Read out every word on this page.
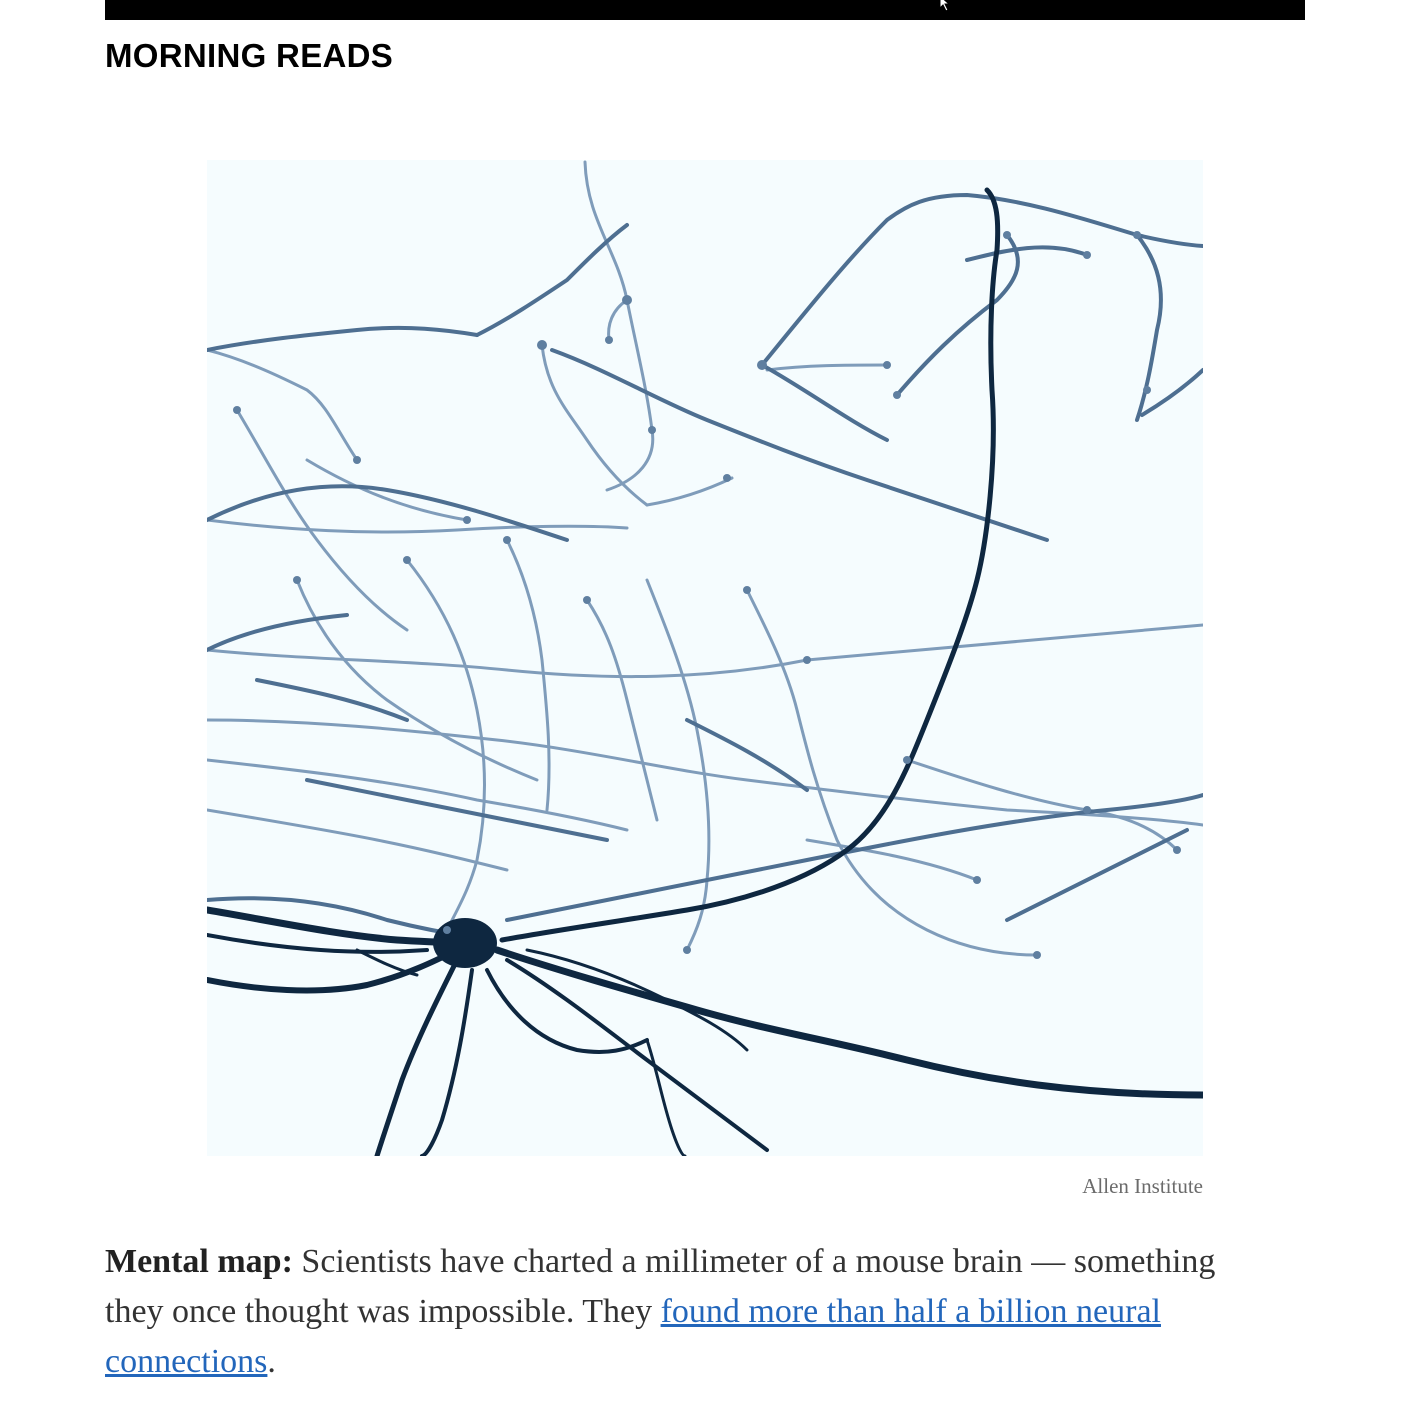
MORNING READS
Allen Institute

Mental map: Scientists have charted a millimeter of a mouse brain — something they once thought was impossible. They found more than half a billion neural connections.
